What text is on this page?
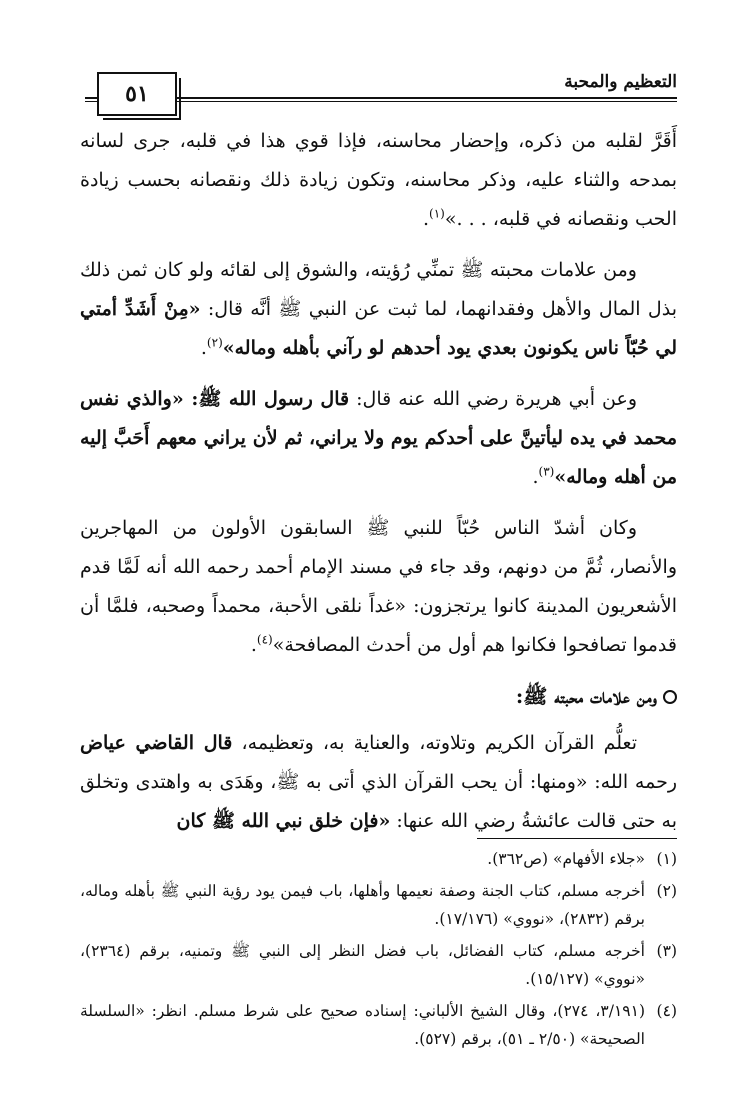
٥١	التعظيم والمحبة

أَقَرَّ لقلبه من ذكره، وإحضار محاسنه، فإذا قوي هذا في قلبه، جرى لسانه بمدحه والثناء عليه، وذكر محاسنه، وتكون زيادة ذلك ونقصانه بحسب زيادة الحب ونقصانه في قلبه، . . .»$^{(١)}$.

ومن علامات محبته ﷺ تمنِّي رُؤيته، والشوق إلى لقائه ولو كان ثمن ذلك بذل المال والأهل وفقدانهما، لما ثبت عن النبي ﷺ أنَّه قال: «مِنْ أَشَدِّ أمتي لي حُبّاً ناس يكونون بعدي يود أحدهم لو رآني بأهله وماله»$^{(٢)}$.

وعن أبي هريرة رضي الله عنه قال: قال رسول الله ﷺ: «والذي نفس محمد في يده ليأتينَّ على أحدكم يوم ولا يراني، ثم لأن يراني معهم أَحَبَّ إليه من أهله وماله»$^{(٣)}$.

وكان أشدّ الناس حُبّاً للنبي ﷺ السابقون الأولون من المهاجرين والأنصار، ثُمَّ من دونهم، وقد جاء في مسند الإمام أحمد رحمه الله أنه لَمَّا قدم الأشعريون المدينة كانوا يرتجزون: «غداً نلقى الأحبة، محمداً وصحبه، فلمَّا أن قدموا تصافحوا فكانوا هم أول من أحدث المصافحة»$^{(٤)}$.

ومن علامات محبته ﷺ:

تعلُّم القرآن الكريم وتلاوته، والعناية به، وتعظيمه، قال القاضي عياض رحمه الله: «ومنها: أن يحب القرآن الذي أتى به ﷺ، وهَدَى به واهتدى وتخلق به حتى قالت عائشةُ رضي الله عنها: «فإن خلق نبي الله ﷺ كان

(١)
«جلاء الأفهام» (ص٣٦٢).
(٢)
أخرجه مسلم، كتاب الجنة وصفة نعيمها وأهلها، باب فيمن يود رؤية النبي ﷺ بأهله وماله، برقم (٢٨٣٢)، «نووي» (١٧/١٧٦).
(٣)
أخرجه مسلم، كتاب الفضائل، باب فضل النظر إلى النبي ﷺ وتمنيه، برقم (٢٣٦٤)، «نووي» (١٥/١٢٧).
(٤)
(٣/١٩١، ٢٧٤)، وقال الشيخ الألباني: إسناده صحيح على شرط مسلم. انظر: «السلسلة الصحيحة» (٢/٥٠ ـ ٥١)، برقم (٥٢٧).
